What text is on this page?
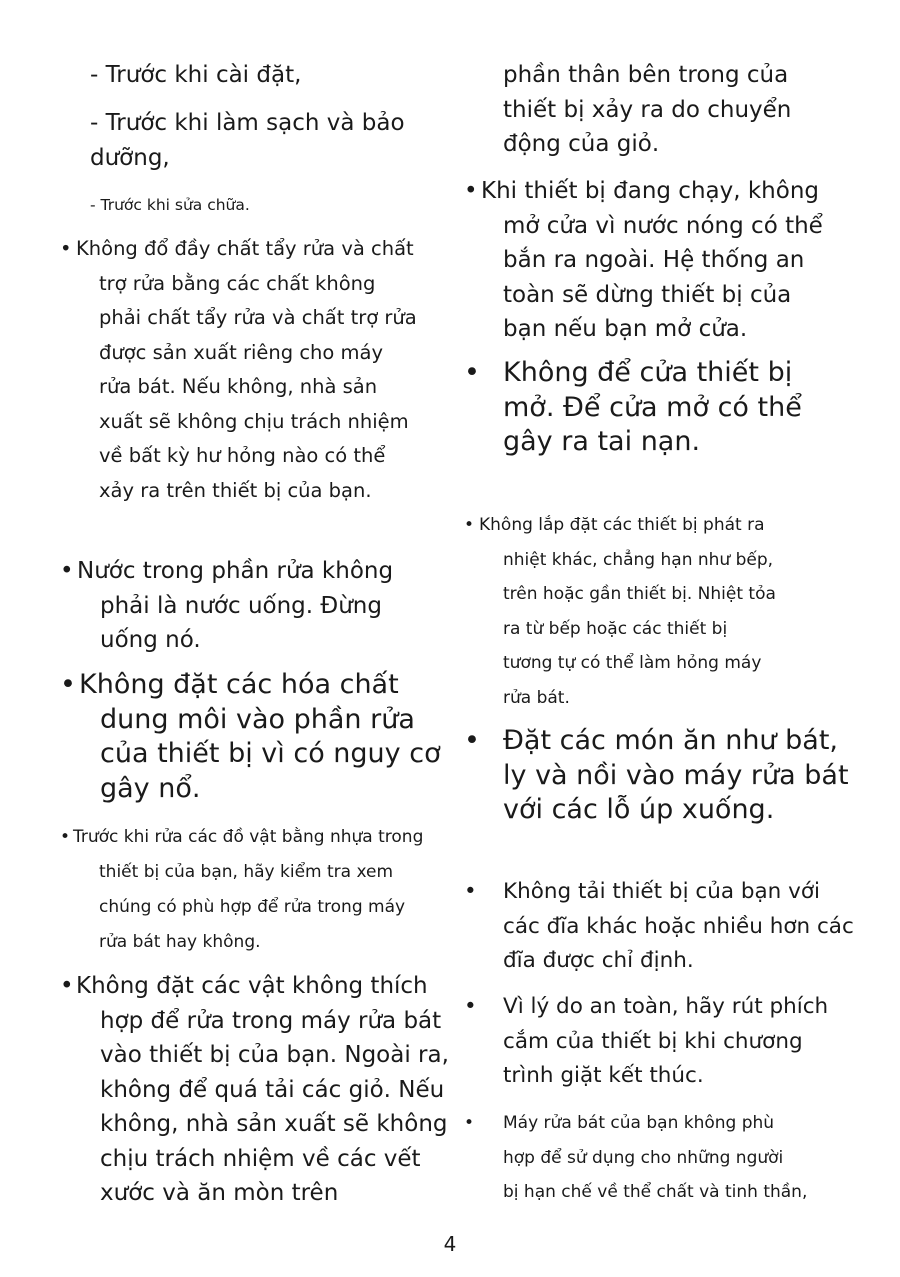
- Trước khi cài đặt,
- Trước khi làm sạch và bảo
dưỡng,
- Trước khi sửa chữa.
• Không đổ đầy chất tẩy rửa và chất
trợ rửa bằng các chất không
phải chất tẩy rửa và chất trợ rửa
được sản xuất riêng cho máy
rửa bát. Nếu không, nhà sản
xuất sẽ không chịu trách nhiệm
về bất kỳ hư hỏng nào có thể
xảy ra trên thiết bị của bạn.
• Nước trong phần rửa không
phải là nước uống. Đừng
uống nó.
• Không đặt các hóa chất
dung môi vào phần rửa
của thiết bị vì có nguy cơ
gây nổ.
• Trước khi rửa các đồ vật bằng nhựa trong
thiết bị của bạn, hãy kiểm tra xem
chúng có phù hợp để rửa trong máy
rửa bát hay không.
• Không đặt các vật không thích
hợp để rửa trong máy rửa bát
vào thiết bị của bạn. Ngoài ra,
không để quá tải các giỏ. Nếu
không, nhà sản xuất sẽ không
chịu trách nhiệm về các vết
xước và ăn mòn trên
phần thân bên trong của
thiết bị xảy ra do chuyển
động của giỏ.
• Khi thiết bị đang chạy, không
mở cửa vì nước nóng có thể
bắn ra ngoài. Hệ thống an
toàn sẽ dừng thiết bị của
bạn nếu bạn mở cửa.
• Không để cửa thiết bị
mở. Để cửa mở có thể
gây ra tai nạn.
• Không lắp đặt các thiết bị phát ra
nhiệt khác, chẳng hạn như bếp,
trên hoặc gần thiết bị. Nhiệt tỏa
ra từ bếp hoặc các thiết bị
tương tự có thể làm hỏng máy
rửa bát.
• Đặt các món ăn như bát,
ly và nồi vào máy rửa bát
với các lỗ úp xuống.
•	Không tải thiết bị của bạn với
các đĩa khác hoặc nhiều hơn các
đĩa được chỉ định.
•	Vì lý do an toàn, hãy rút phích
cắm của thiết bị khi chương
trình giặt kết thúc.
•	Máy rửa bát của bạn không phù
hợp để sử dụng cho những người
bị hạn chế về thể chất và tinh thần,
4
